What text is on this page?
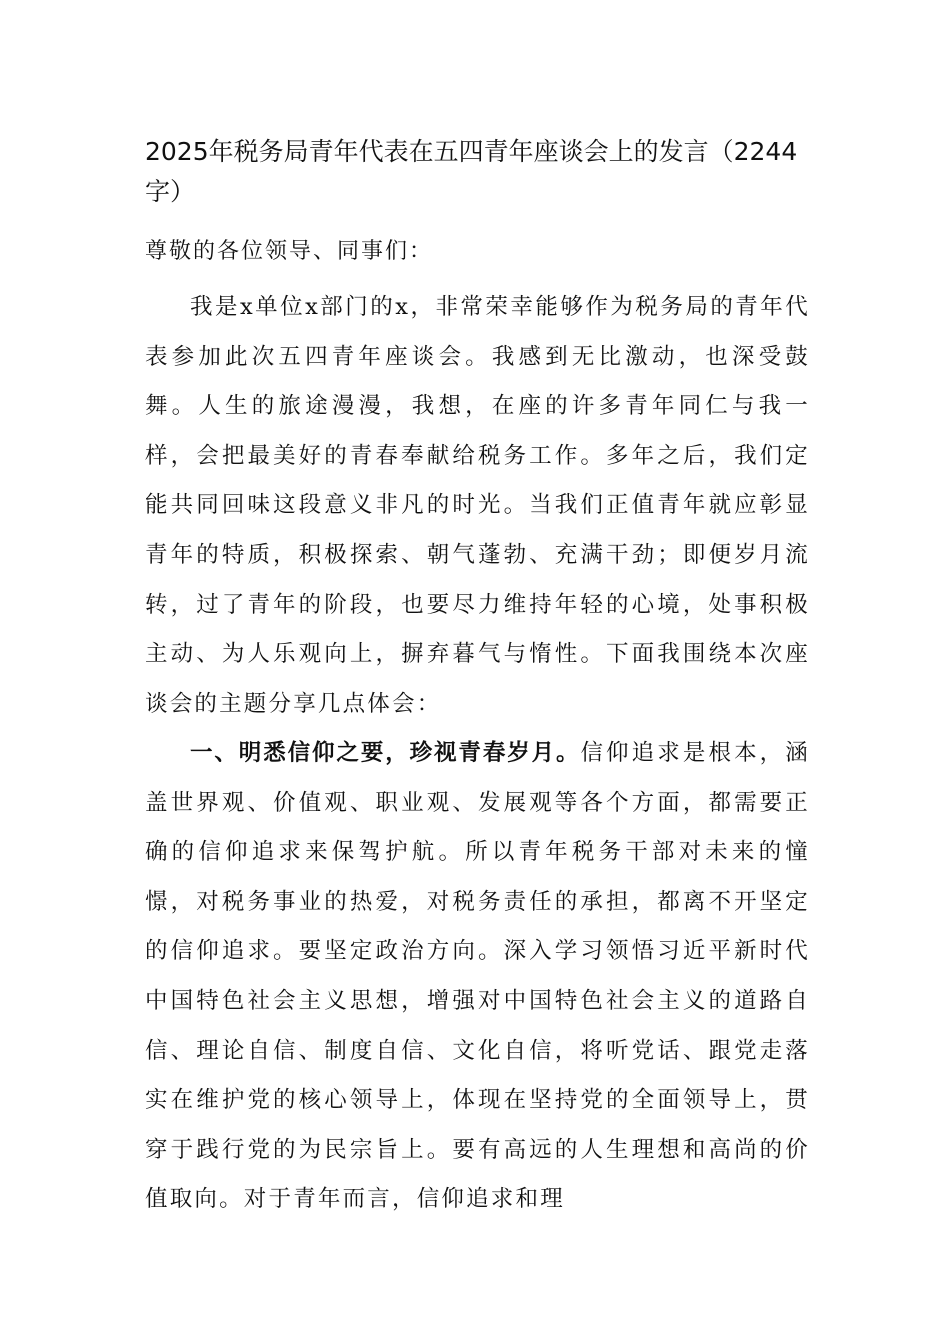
2025年税务局青年代表在五四青年座谈会上的发言（2244字）

尊敬的各位领导、同事们：

我是x单位x部门的x，非常荣幸能够作为税务局的青年代表参加此次五四青年座谈会。我感到无比激动，也深受鼓舞。人生的旅途漫漫，我想，在座的许多青年同仁与我一样，会把最美好的青春奉献给税务工作。多年之后，我们定能共同回味这段意义非凡的时光。当我们正值青年就应彰显青年的特质，积极探索、朝气蓬勃、充满干劲；即便岁月流转，过了青年的阶段，也要尽力维持年轻的心境，处事积极主动、为人乐观向上，摒弃暮气与惰性。下面我围绕本次座谈会的主题分享几点体会：

一、明悉信仰之要，珍视青春岁月。信仰追求是根本，涵盖世界观、价值观、职业观、发展观等各个方面，都需要正确的信仰追求来保驾护航。所以青年税务干部对未来的憧憬，对税务事业的热爱，对税务责任的承担，都离不开坚定的信仰追求。要坚定政治方向。深入学习领悟习近平新时代中国特色社会主义思想，增强对中国特色社会主义的道路自信、理论自信、制度自信、文化自信，将听党话、跟党走落实在维护党的核心领导上，体现在坚持党的全面领导上，贯穿于践行党的为民宗旨上。要有高远的人生理想和高尚的价值取向。对于青年而言，信仰追求和理
